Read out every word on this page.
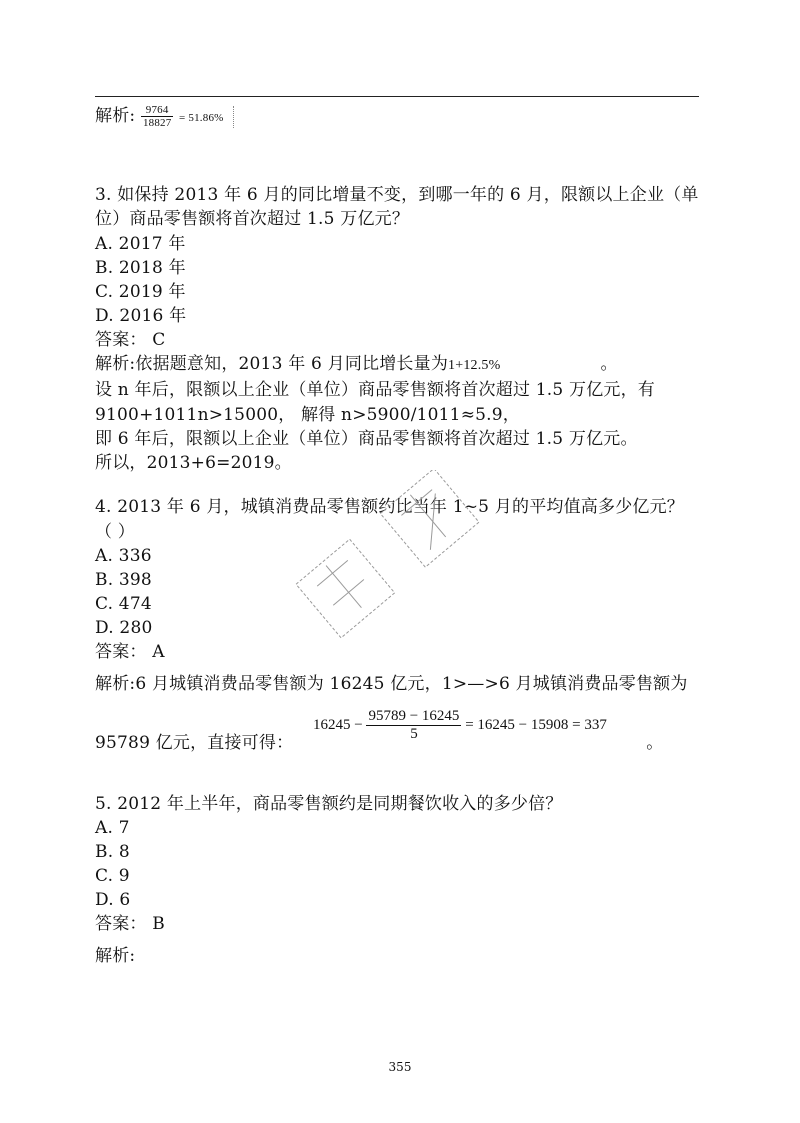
解析: $\frac{9764}{18827} = 51.86\%$
3. 如保持 2013 年 6 月的同比增量不变，到哪一年的 6 月，限额以上企业（单
位）商品零售额将首次超过 1.5 万亿元？
A. 2017 年
B. 2018 年
C. 2019 年
D. 2016 年
答案： C
解析:依据题意知，2013 年 6 月同比增长量为1+12.5%	。
设 n 年后，限额以上企业（单位）商品零售额将首次超过 1.5 万亿元，有
9100+1011n>15000， 解得 n>5900/1011≈5.9，
即 6 年后，限额以上企业（单位）商品零售额将首次超过 1.5 万亿元。
所以，2013+6=2019。
4. 2013 年 6 月，城镇消费品零售额约比当年 1~5 月的平均值高多少亿元？
（ ）
A. 336
B. 398
C. 474
D. 280
答案： A
解析:6 月城镇消费品零售额为 16245 亿元，1>—>6 月城镇消费品零售额为
$16245 - \frac{95789 - 16245}{5} = 16245 - 15908 = 337$
95789 亿元，直接可得：	。
5. 2012 年上半年，商品零售额约是同期餐饮收入的多少倍？
A. 7
B. 8
C. 9
D. 6
答案： B
解析:
355
